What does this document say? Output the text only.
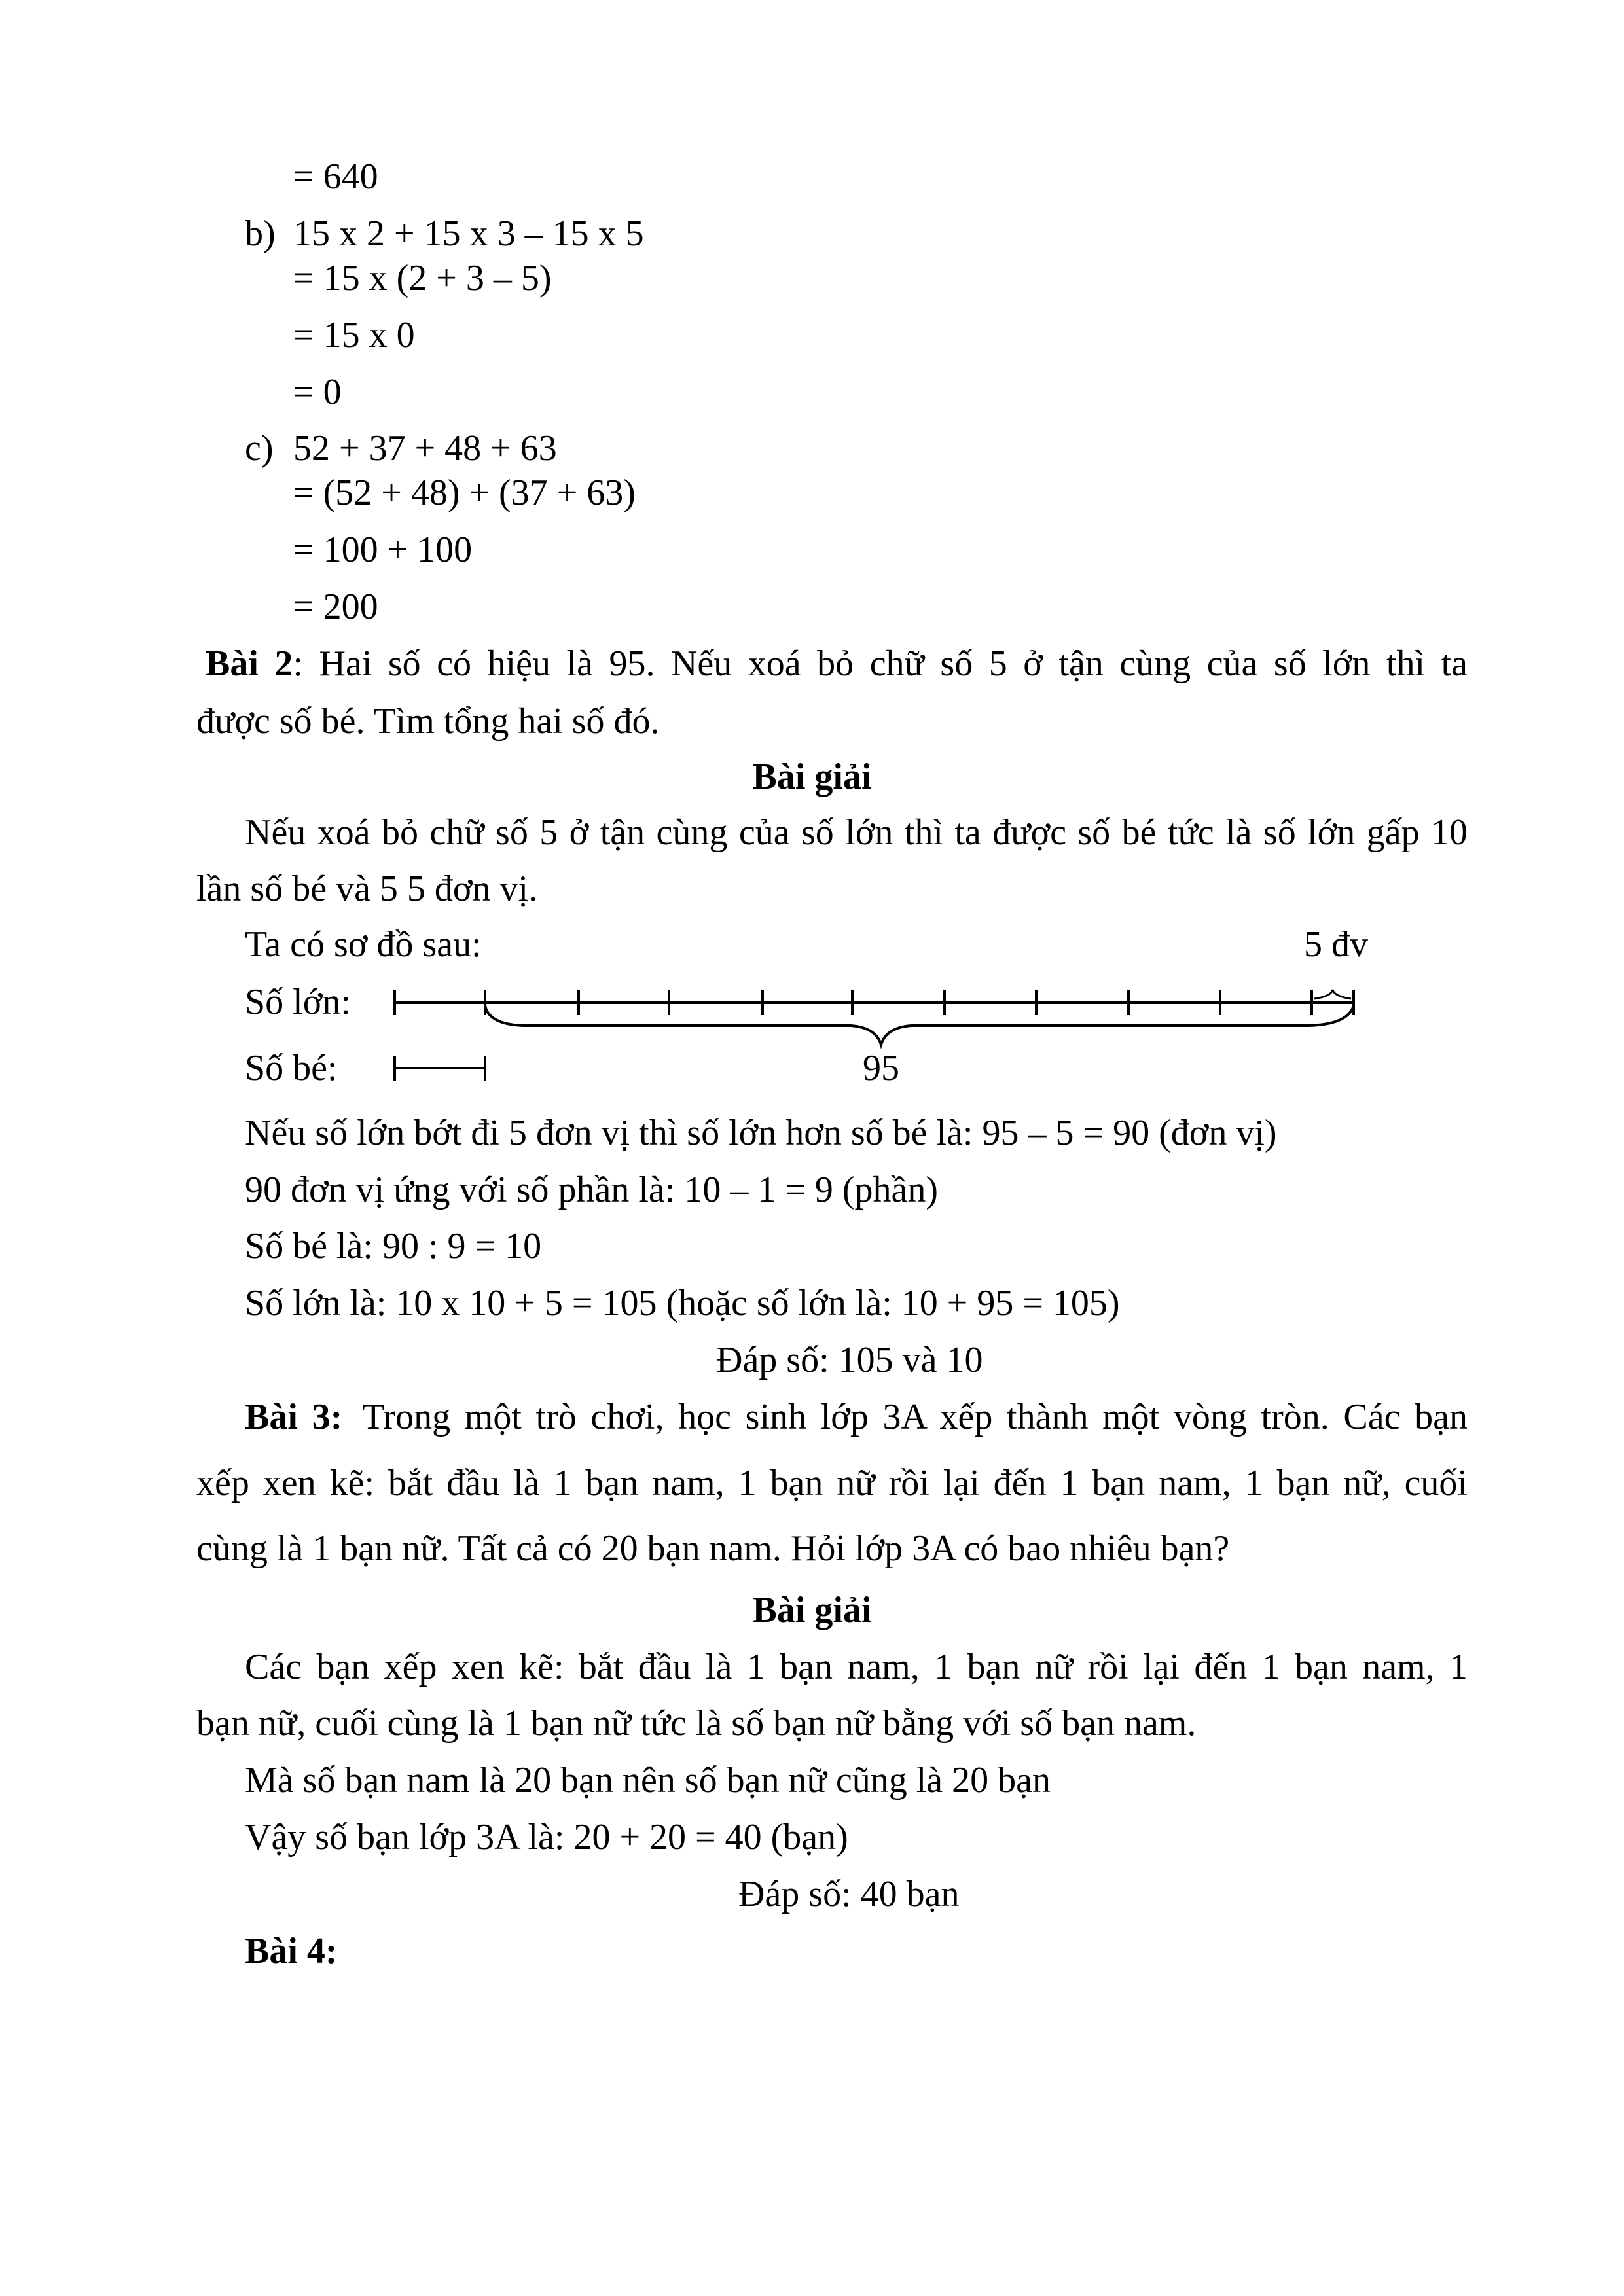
= 640
b) 15 x 2 + 15 x 3 – 15 x 5
= 15 x (2 + 3 – 5)
= 15 x 0
= 0
c) 52 + 37 + 48 + 63
= (52 + 48) + (37 + 63)
= 100 + 100
= 200
Bài 2: Hai số có hiệu là 95. Nếu xoá bỏ chữ số 5 ở tận cùng của số lớn thì ta
được số bé. Tìm tổng hai số đó.
Bài giải
Nếu xoá bỏ chữ số 5 ở tận cùng của số lớn thì ta được số bé tức là số lớn gấp 10
lần số bé và 5 5 đơn vị.
Ta có sơ đồ sau:	5 đv
Số lớn:
Số bé:	95
Nếu số lớn bớt đi 5 đơn vị thì số lớn hơn số bé là: 95 – 5 = 90 (đơn vị)
90 đơn vị ứng với số phần là: 10 – 1 = 9 (phần)
Số bé là: 90 : 9 = 10
Số lớn là: 10 x 10 + 5 = 105 (hoặc số lớn là: 10 + 95 = 105)
Đáp số: 105 và 10
Bài 3: Trong một trò chơi, học sinh lớp 3A xếp thành một vòng tròn. Các bạn
xếp xen kẽ: bắt đầu là 1 bạn nam, 1 bạn nữ rồi lại đến 1 bạn nam, 1 bạn nữ, cuối
cùng là 1 bạn nữ. Tất cả có 20 bạn nam. Hỏi lớp 3A có bao nhiêu bạn?
Bài giải
Các bạn xếp xen kẽ: bắt đầu là 1 bạn nam, 1 bạn nữ rồi lại đến 1 bạn nam, 1
bạn nữ, cuối cùng là 1 bạn nữ tức là số bạn nữ bằng với số bạn nam.
Mà số bạn nam là 20 bạn nên số bạn nữ cũng là 20 bạn
Vậy số bạn lớp 3A là: 20 + 20 = 40 (bạn)
Đáp số: 40 bạn
Bài 4:
